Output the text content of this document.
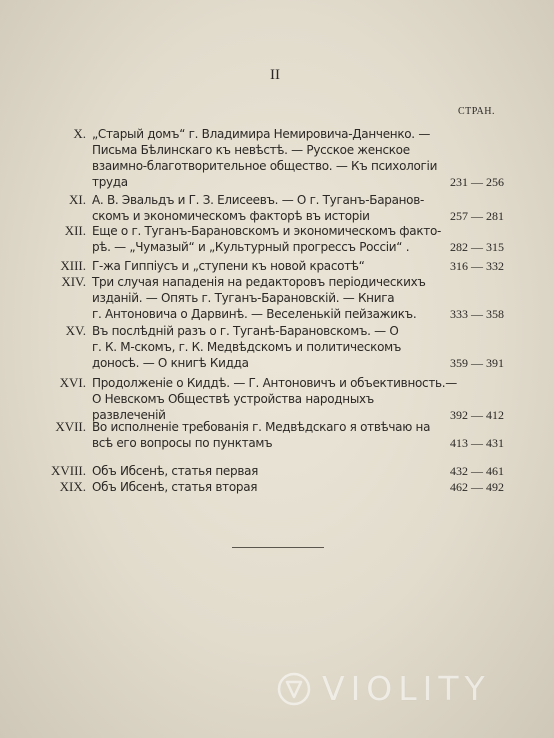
II
СТРАН.
X. „Старый домъ“ г. Владимира Немировича-Данченко. —
Письма Бѣлинскаго къ невѣстѣ. — Русское женское
взаимно-благотворительное общество. — Къ психологіи
труда	231 — 256
XI. А. В. Эвальдъ и Г. З. Елисеевъ. — О г. Туганъ-Баранов-
скомъ и экономическомъ факторѣ въ исторіи	257 — 281
XII. Еще о г. Туганъ-Барановскомъ и экономическомъ факто-
рѣ. — „Чумазый“ и „Культурный прогрессъ Россіи“ .	282 — 315
XIII. Г-жа Гиппіусъ и „ступени къ новой красотѣ“	316 — 332
XIV. Три случая нападенія на редакторовъ періодическихъ
изданій. — Опять г. Туганъ-Барановскій. — Книга
г. Антоновича о Дарвинѣ. — Веселенькій пейзажикъ.	333 — 358
XV. Въ послѣдній разъ о г. Туганѣ-Барановскомъ. — О
г. К. М-скомъ, г. К. Медвѣдскомъ и политическомъ
доносѣ. — О книгѣ Кидда	359 — 391
XVI. Продолженіе о Киддѣ. — Г. Антоновичъ и объективность.—
О Невскомъ Обществѣ устройства народныхъ
развлеченій	392 — 412
XVII. Во исполненіе требованія г. Медвѣдскаго я отвѣчаю на
всѣ его вопросы по пунктамъ	413 — 431
XVIII. Объ Ибсенѣ, статья первая	432 — 461
XIX. Объ Ибсенѣ, статья вторая	462 — 492
VIOLITY
